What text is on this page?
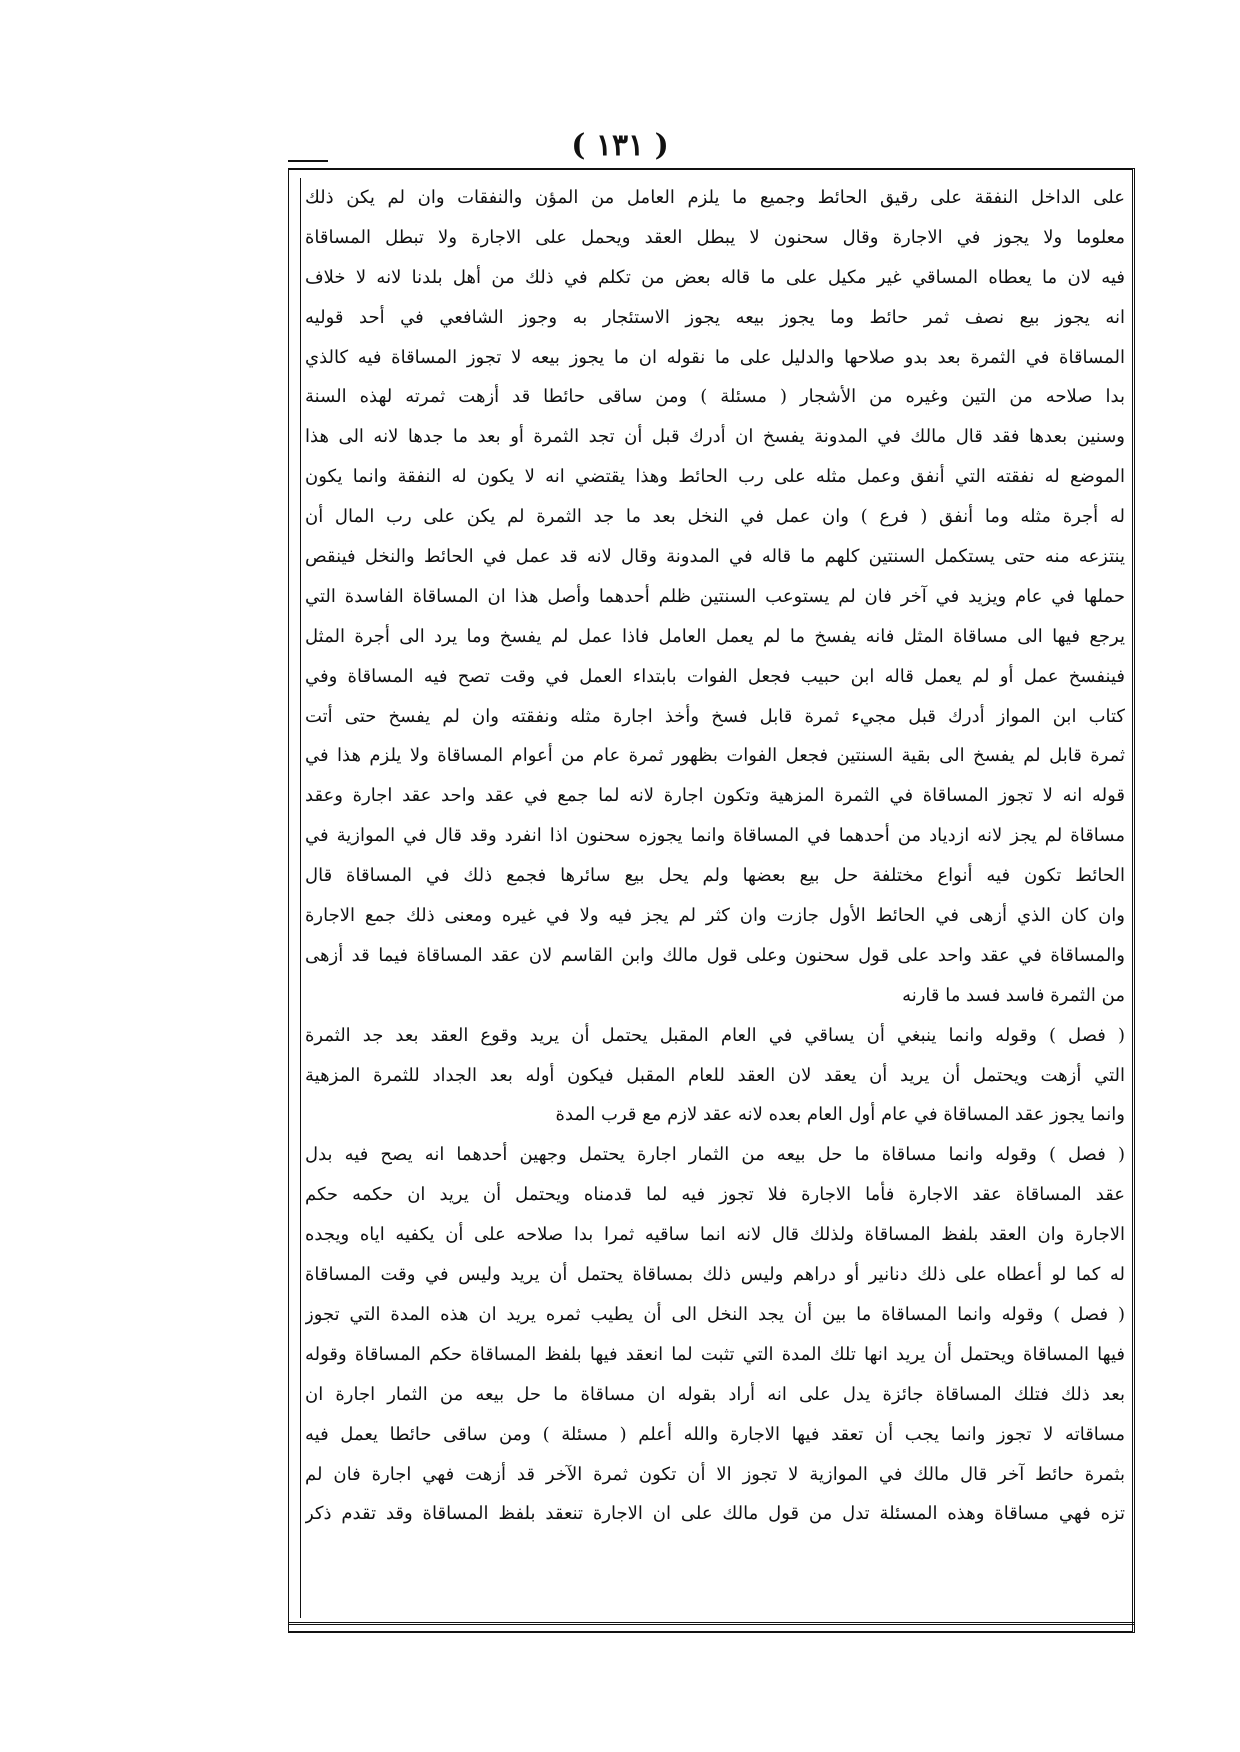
( ١٣١ )
على الداخل النفقة على رقيق الحائط وجميع ما يلزم العامل من المؤن والنفقات وان لم يكن ذلك
معلوما ولا يجوز في الاجارة وقال سحنون لا يبطل العقد ويحمل على الاجارة ولا تبطل المساقاة
فيه لان ما يعطاه المساقي غير مكيل على ما قاله بعض من تكلم في ذلك من أهل بلدنا لانه لا خلاف
انه يجوز بيع نصف ثمر حائط وما يجوز بيعه يجوز الاستئجار به وجوز الشافعي في أحد قوليه
المساقاة في الثمرة بعد بدو صلاحها والدليل على ما نقوله ان ما يجوز بيعه لا تجوز المساقاة فيه كالذي
بدا صلاحه من التين وغيره من الأشجار ( مسئلة ) ومن ساقى حائطا قد أزهت ثمرته لهذه السنة
وسنين بعدها فقد قال مالك في المدونة يفسخ ان أدرك قبل أن تجد الثمرة أو بعد ما جدها لانه الى هذا
الموضع له نفقته التي أنفق وعمل مثله على رب الحائط وهذا يقتضي انه لا يكون له النفقة وانما يكون
له أجرة مثله وما أنفق ( فرع ) وان عمل في النخل بعد ما جد الثمرة لم يكن على رب المال أن
ينتزعه منه حتى يستكمل السنتين كلهم ما قاله في المدونة وقال لانه قد عمل في الحائط والنخل فينقص
حملها في عام ويزيد في آخر فان لم يستوعب السنتين ظلم أحدهما وأصل هذا ان المساقاة الفاسدة التي
يرجع فيها الى مساقاة المثل فانه يفسخ ما لم يعمل العامل فاذا عمل لم يفسخ وما يرد الى أجرة المثل
فينفسخ عمل أو لم يعمل قاله ابن حبيب فجعل الفوات بابتداء العمل في وقت تصح فيه المساقاة وفي
كتاب ابن المواز أدرك قبل مجيء ثمرة قابل فسخ وأخذ اجارة مثله ونفقته وان لم يفسخ حتى أتت
ثمرة قابل لم يفسخ الى بقية السنتين فجعل الفوات بظهور ثمرة عام من أعوام المساقاة ولا يلزم هذا في
قوله انه لا تجوز المساقاة في الثمرة المزهية وتكون اجارة لانه لما جمع في عقد واحد عقد اجارة وعقد
مساقاة لم يجز لانه ازدياد من أحدهما في المساقاة وانما يجوزه سحنون اذا انفرد وقد قال في الموازية في
الحائط تكون فيه أنواع مختلفة حل بيع بعضها ولم يحل بيع سائرها فجمع ذلك في المساقاة قال
وان كان الذي أزهى في الحائط الأول جازت وان كثر لم يجز فيه ولا في غيره ومعنى ذلك جمع الاجارة
والمساقاة في عقد واحد على قول سحنون وعلى قول مالك وابن القاسم لان عقد المساقاة فيما قد أزهى
من الثمرة فاسد فسد ما قارنه
( فصل ) وقوله وانما ينبغي أن يساقي في العام المقبل يحتمل أن يريد وقوع العقد بعد جد الثمرة
التي أزهت ويحتمل أن يريد أن يعقد لان العقد للعام المقبل فيكون أوله بعد الجداد للثمرة المزهية
وانما يجوز عقد المساقاة في عام أول العام بعده لانه عقد لازم مع قرب المدة
( فصل ) وقوله وانما مساقاة ما حل بيعه من الثمار اجارة يحتمل وجهين أحدهما انه يصح فيه بدل
عقد المساقاة عقد الاجارة فأما الاجارة فلا تجوز فيه لما قدمناه ويحتمل أن يريد ان حكمه حكم
الاجارة وان العقد بلفظ المساقاة ولذلك قال لانه انما ساقيه ثمرا بدا صلاحه على أن يكفيه اياه ويجده
له كما لو أعطاه على ذلك دنانير أو دراهم وليس ذلك بمساقاة يحتمل أن يريد وليس في وقت المساقاة
( فصل ) وقوله وانما المساقاة ما بين أن يجد النخل الى أن يطيب ثمره يريد ان هذه المدة التي تجوز
فيها المساقاة ويحتمل أن يريد انها تلك المدة التي تثبت لما انعقد فيها بلفظ المساقاة حكم المساقاة وقوله
بعد ذلك فتلك المساقاة جائزة يدل على انه أراد بقوله ان مساقاة ما حل بيعه من الثمار اجارة ان
مساقاته لا تجوز وانما يجب أن تعقد فيها الاجارة والله أعلم ( مسئلة ) ومن ساقى حائطا يعمل فيه
بثمرة حائط آخر قال مالك في الموازية لا تجوز الا أن تكون ثمرة الآخر قد أزهت فهي اجارة فان لم
تزه فهي مساقاة وهذه المسئلة تدل من قول مالك على ان الاجارة تنعقد بلفظ المساقاة وقد تقدم ذكر
